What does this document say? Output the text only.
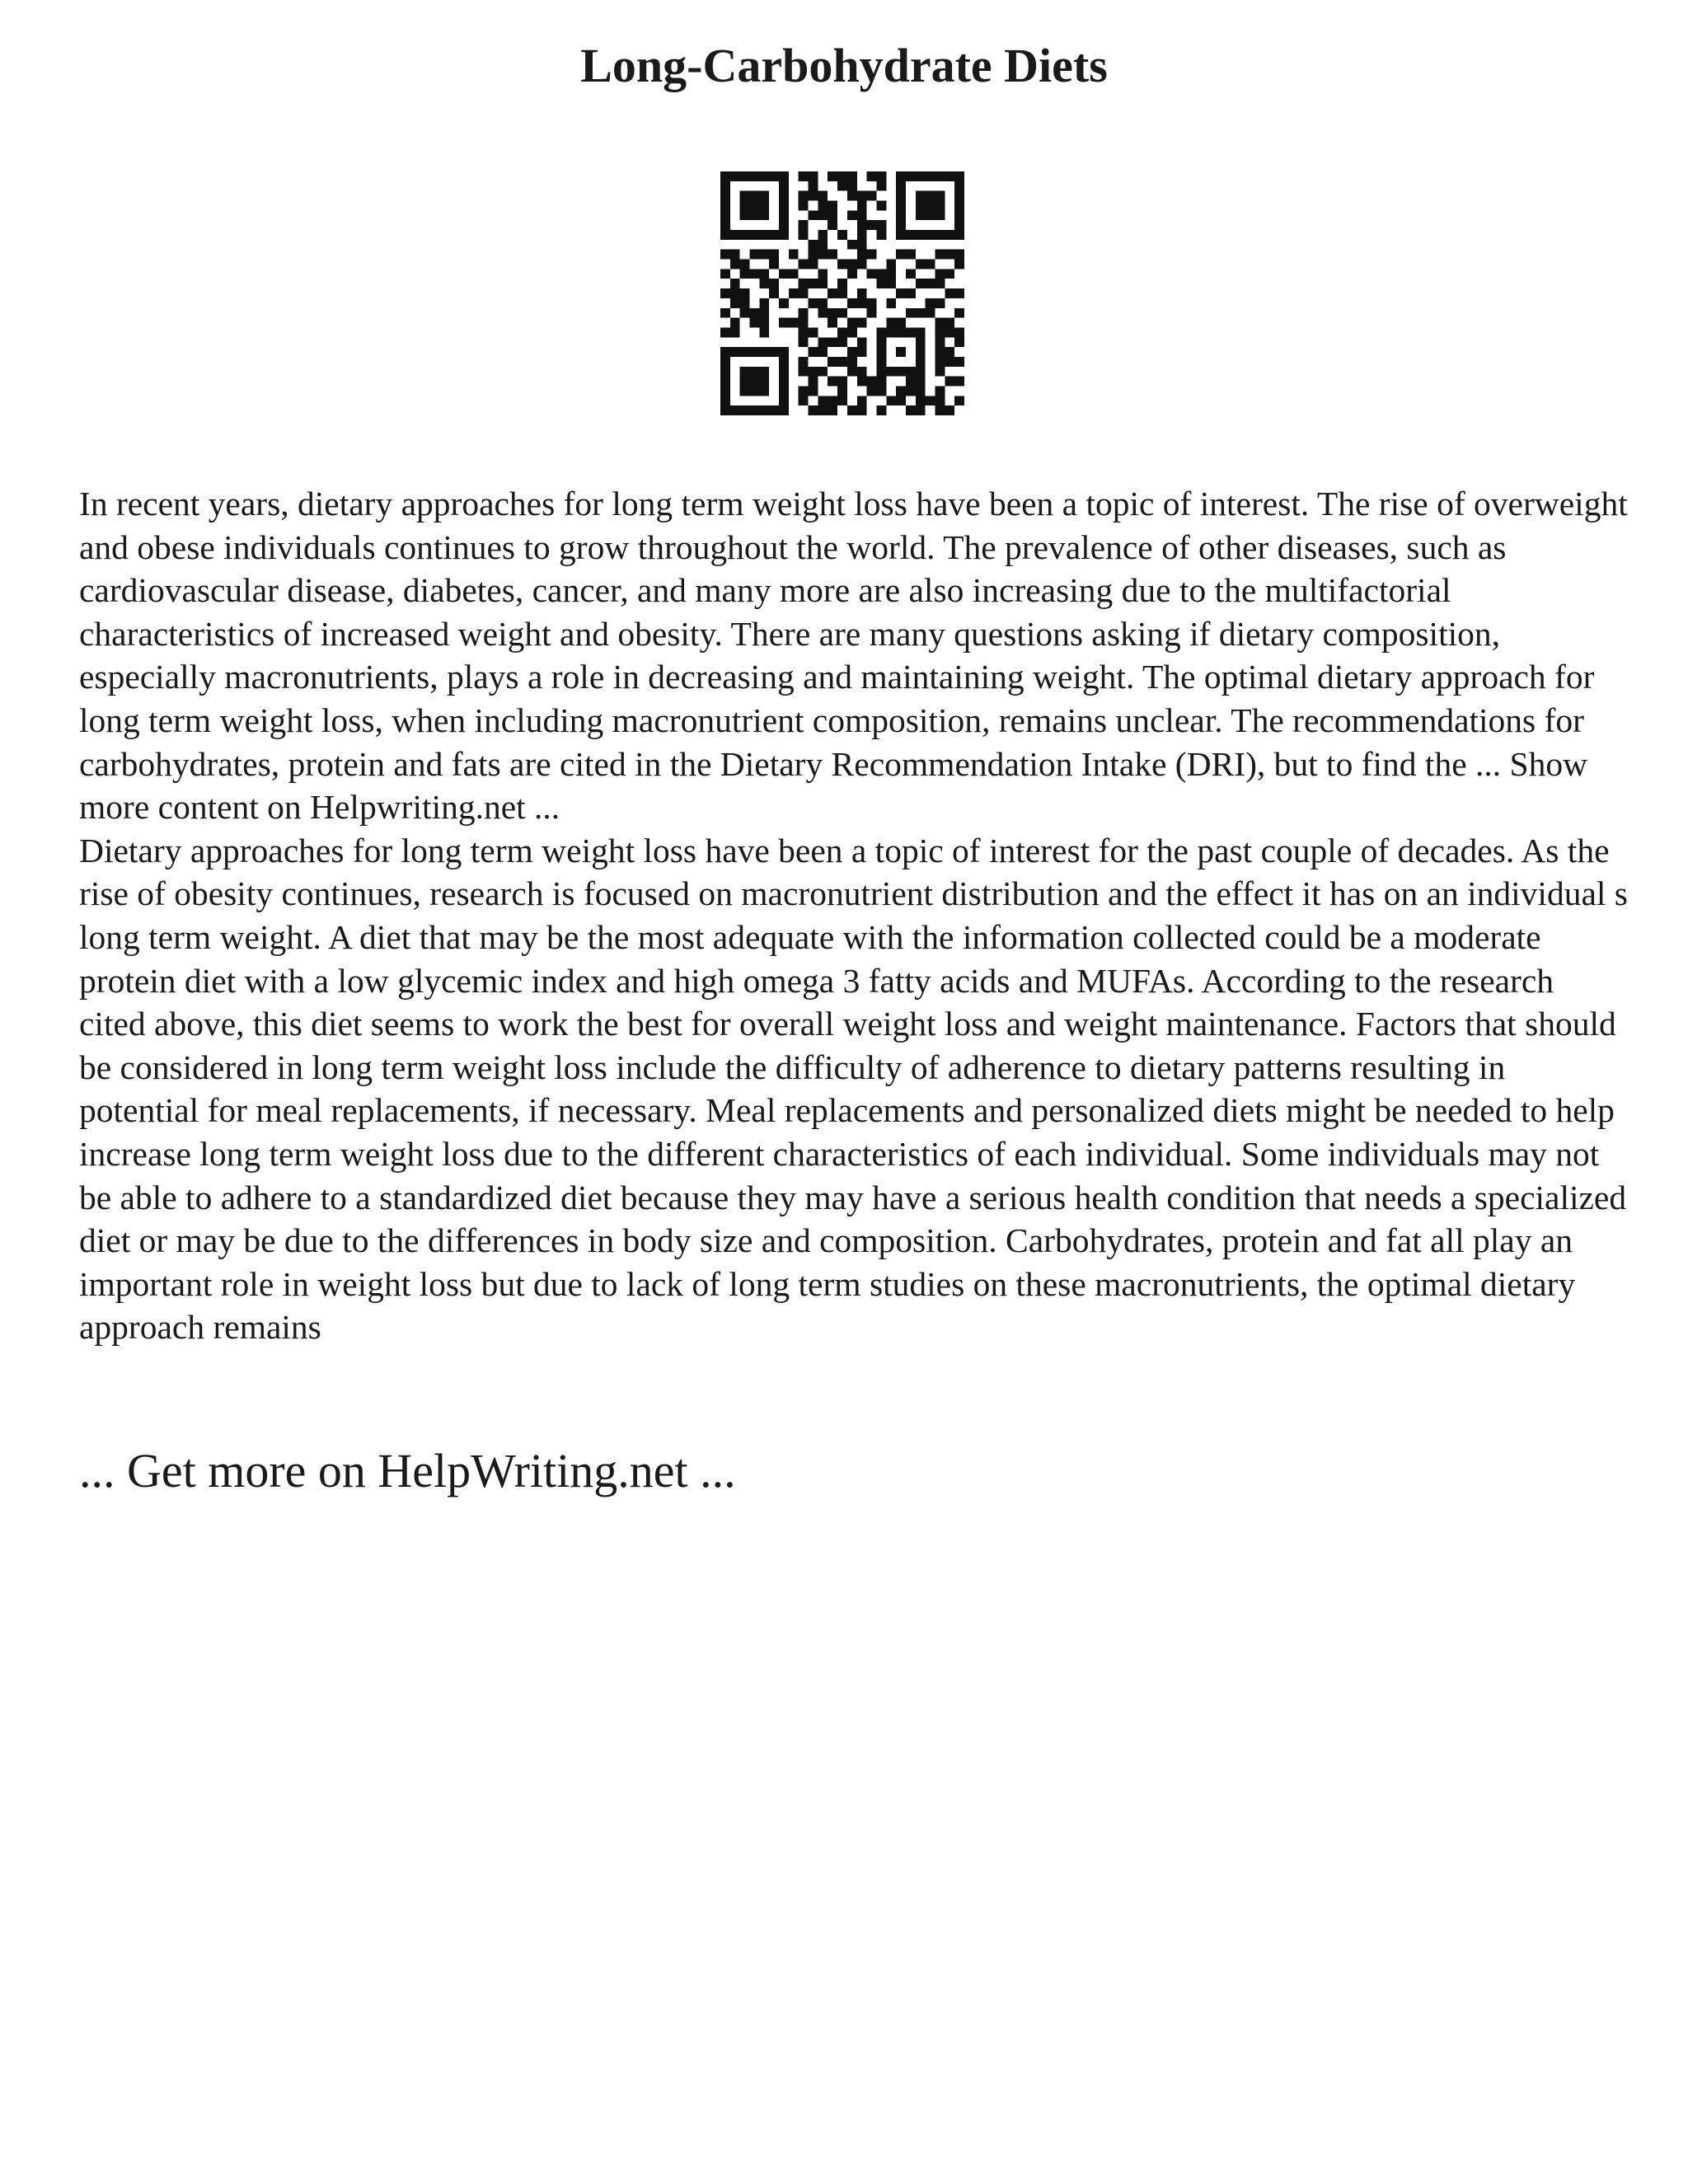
Long-Carbohydrate Diets

In recent years, dietary approaches for long term weight loss have been a topic of interest. The rise of overweight and obese individuals continues to grow throughout the world. The prevalence of other diseases, such as cardiovascular disease, diabetes, cancer, and many more are also increasing due to the multifactorial characteristics of increased weight and obesity. There are many questions asking if dietary composition, especially macronutrients, plays a role in decreasing and maintaining weight. The optimal dietary approach for long term weight loss, when including macronutrient composition, remains unclear. The recommendations for carbohydrates, protein and fats are cited in the Dietary Recommendation Intake (DRI), but to find the ... Show more content on Helpwriting.net ...

Dietary approaches for long term weight loss have been a topic of interest for the past couple of decades. As the rise of obesity continues, research is focused on macronutrient distribution and the effect it has on an individual s long term weight. A diet that may be the most adequate with the information collected could be a moderate protein diet with a low glycemic index and high omega 3 fatty acids and MUFAs. According to the research cited above, this diet seems to work the best for overall weight loss and weight maintenance. Factors that should be considered in long term weight loss include the difficulty of adherence to dietary patterns resulting in potential for meal replacements, if necessary. Meal replacements and personalized diets might be needed to help increase long term weight loss due to the different characteristics of each individual. Some individuals may not be able to adhere to a standardized diet because they may have a serious health condition that needs a specialized diet or may be due to the differences in body size and composition. Carbohydrates, protein and fat all play an important role in weight loss but due to lack of long term studies on these macronutrients, the optimal dietary approach remains

... Get more on HelpWriting.net ...
